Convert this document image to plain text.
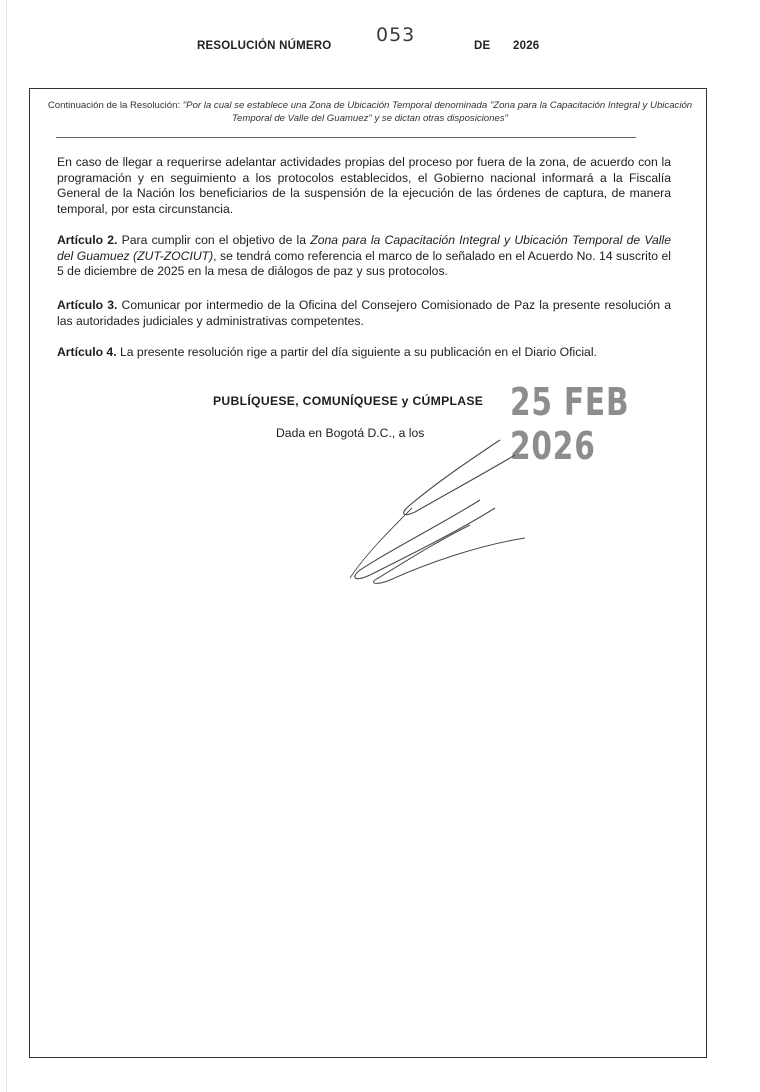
RESOLUCIÓN NÚMERO 053	DE 2026
Continuación de la Resolución: "Por la cual se establece una Zona de Ubicación Temporal denominada "Zona para la Capacitación Integral y Ubicación Temporal de Valle del Guamuez" y se dictan otras disposiciones"

En caso de llegar a requerirse adelantar actividades propias del proceso por fuera de la zona, de acuerdo con la programación y en seguimiento a los protocolos establecidos, el Gobierno nacional informará a la Fiscalía General de la Nación los beneficiarios de la suspensión de la ejecución de las órdenes de captura, de manera temporal, por esta circunstancia.

Artículo 2. Para cumplir con el objetivo de la Zona para la Capacitación Integral y Ubicación Temporal de Valle del Guamuez (ZUT-ZOCIUT), se tendrá como referencia el marco de lo señalado en el Acuerdo No. 14 suscrito el 5 de diciembre de 2025 en la mesa de diálogos de paz y sus protocolos.

Artículo 3. Comunicar por intermedio de la Oficina del Consejero Comisionado de Paz la presente resolución a las autoridades judiciales y administrativas competentes.

Artículo 4. La presente resolución rige a partir del día siguiente a su publicación en el Diario Oficial.

PUBLÍQUESE, COMUNÍQUESE y CÚMPLASE 25 FEB 2026
Dada en Bogotá D.C., a los
